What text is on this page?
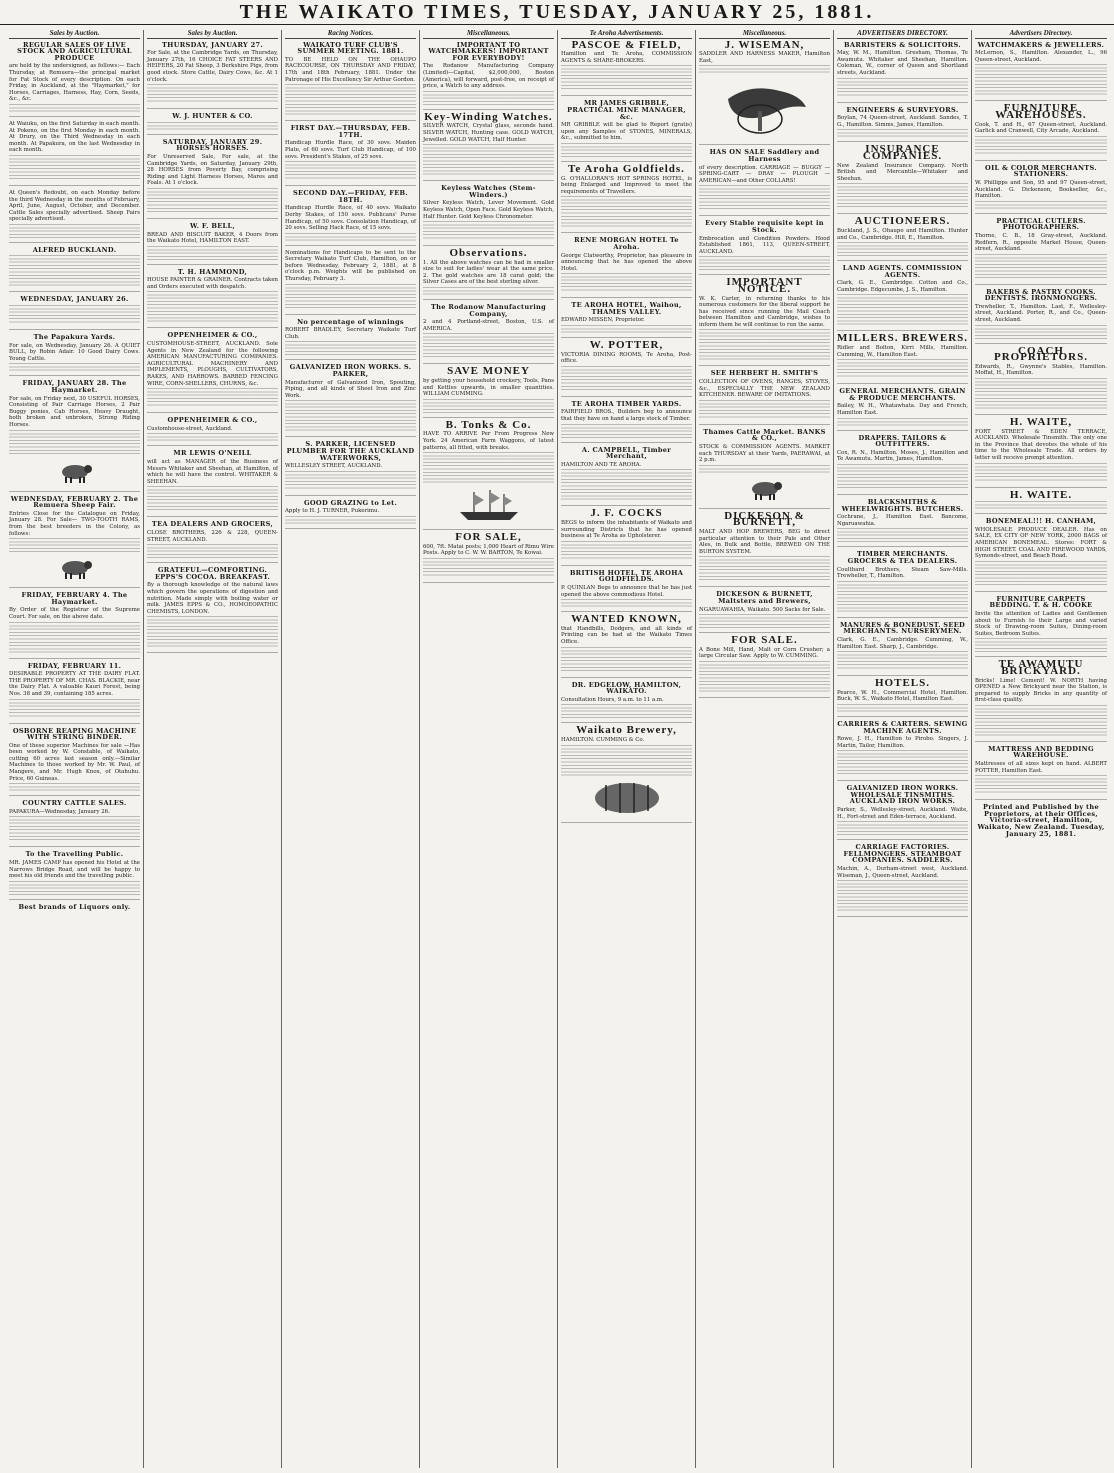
THE WAIKATO TIMES, TUESDAY, JANUARY 25, 1881.
Sales by Auction.
REGULAR SALES OF LIVE STOCK AND AGRICULTURAL PRODUCE

are held by the undersigned, as follows:— Each Thursday, at Remuera—the principal market for Fat Stock of every description. On each Friday, in Auckland, at the "Haymarket," for Horses, Carriages, Harness, Hay, Corn, Seeds, &c., &c.

At Waiuku, on the first Saturday in each month. At Pokeno, on the first Monday in each month. At Drury, on the Third Wednesday in each month. At Papakura, on the last Wednesday in each month.

At Queen's Redoubt, on each Monday before the third Wednesday in the months of February, April, June, August, October, and December. Cattle Sales specially advertised. Sheep Fairs specially advertised.

ALFRED BUCKLAND.
WEDNESDAY, JANUARY 26.
The Papakura Yards.

For sale, on Wednesday, January 26. A QUIET BULL, by Robin Adair. 10 Good Dairy Cows. Young Cattle.

FRIDAY, JANUARY 28. The Haymarket.

For sale, on Friday next, 30 USEFUL HORSES, Consisting of Pair Carriage Horses, 2 Pair Buggy ponies, Cab Horses, Heavy Draught, both broken and unbroken, Strong Riding Horses.

WEDNESDAY, FEBRUARY 2. The Remuera Sheep Fair.

Entries Close for the Catalogue on Friday, January 28. For Sale— TWO-TOOTH RAMS, from the best breeders in the Colony, as follows:

FRIDAY, FEBRUARY 4. The Haymarket.

By Order of the Registrar of the Supreme Court. For sale, on the above date.

FRIDAY, FEBRUARY 11.

DESIRABLE PROPERTY AT THE DAIRY FLAT. THE PROPERTY OF MR. CHAS. BLACKIE, near the Dairy Flat. A valuable Kauri Forest, being Nos. 38 and 39, containing 185 acres.

OSBORNE REAPING MACHINE WITH STRING BINDER.

One of these superior Machines for sale —Has been worked by W. Constable, of Waikato, cutting 60 acres last season only.—Similar Machines to those worked by Mr. W. Paul, of Mangere, and Mr. Hugh Knox, of Otahuhu. Price, 60 Guineas.

COUNTRY CATTLE SALES.

PAPAKURA—Wednesday, January 26.

To the Travelling Public.

MR. JAMES CAMP has opened his Hotel at the Narrows Bridge Road, and will be happy to meet his old friends and the travelling public.

Best brands of Liquors only.
Sales by Auction.
THURSDAY, JANUARY 27.

For Sale, at the Cambridge Yards, on Thursday, January 27th, 16 CHOICE FAT STEERS AND HEIFERS, 20 Fat Sheep, 3 Berkshire Pigs, from good stock. Store Cattle, Dairy Cows, &c. At 1 o'clock.

W. J. HUNTER & CO.
SATURDAY, JANUARY 29. HORSES HORSES.

For Unreserved Sale, For sale, at the Cambridge Yards, on Saturday, January 29th, 28 HORSES from Poverty Bay, comprising Riding and Light Harness Horses, Mares and Foals. At 1 o'clock.

W. F. BELL,

BREAD AND BISCUIT BAKER, 4 Doors from the Waikato Hotel, HAMILTON EAST.

T. H. HAMMOND,

HOUSE PAINTER & GRAINER. Contracts taken and Orders executed with despatch.

OPPENHEIMER & CO.,

CUSTOMHOUSE-STREET, AUCKLAND. Sole Agents in New Zealand for the following AMERICAN MANUFACTURING COMPANIES. AGRICULTURAL MACHINERY AND IMPLEMENTS, PLOUGHS, CULTIVATORS, RAKES, AND HARROWS. BARBED FENCING WIRE, CORN-SHELLERS, CHURNS, &c.

OPPENHEIMER & CO.,

Customhouse-street, Auckland.

MR LEWIS O'NEILL

will act as MANAGER of the Business of Messrs Whitaker and Sheehan, at Hamilton, of which he will have the control. WHITAKER & SHEEHAN.

TEA DEALERS AND GROCERS,

CLOSE BROTHERS, 226 & 228, QUEEN-STREET, AUCKLAND.

GRATEFUL—COMFORTING. EPPS'S COCOA. BREAKFAST.

By a thorough knowledge of the natural laws which govern the operations of digestion and nutrition. Made simply with boiling water or milk. JAMES EPPS & CO., HOMOEOPATHIC CHEMISTS, LONDON.

Racing Notices.
WAIKATO TURF CLUB'S SUMMER MEETING. 1881.

TO BE HELD ON THE OHAUPO RACECOURSE, ON THURSDAY AND FRIDAY, 17th and 18th February, 1881. Under the Patronage of His Excellency Sir Arthur Gordon.

FIRST DAY.—THURSDAY, FEB. 17TH.

Handicap Hurdle Race, of 30 sovs. Maiden Plate, of 60 sovs. Turf Club Handicap, of 100 sovs. President's Stakes, of 25 sovs.

SECOND DAY.—FRIDAY, FEB. 18TH.

Handicap Hurdle Race, of 40 sovs. Waikato Derby Stakes, of 150 sovs. Publicans' Purse Handicap, of 50 sovs. Consolation Handicap, of 20 sovs. Selling Hack Race, of 15 sovs.

Nominations for Handicaps to be sent to the Secretary Waikato Turf Club, Hamilton, on or before Wednesday, February 2, 1881, at 8 o'clock p.m. Weights will be published on Thursday, February 3.

No percentage of winnings

ROBERT BRADLEY, Secretary Waikato Turf Club.

GALVANIZED IRON WORKS. S. PARKER,

Manufacturer of Galvanized Iron, Spouting, Piping, and all kinds of Sheet Iron and Zinc Work.

S. PARKER, LICENSED PLUMBER FOR THE AUCKLAND WATERWORKS,

WELLESLEY STREET, AUCKLAND.

GOOD GRAZING to Let.

Apply to H. J. TURNER, Pukerimu.

Miscellaneous.
IMPORTANT TO WATCHMAKERS! IMPORTANT FOR EVERYBODY!

The Rodanow Manufacturing Company (Limited)—Capital, $2,000,000, Boston (America), will forward, post-free, on receipt of price, a Watch to any address.

Key-Winding Watches.

SILVER WATCH, Crystal glass, seconds hand. SILVER WATCH, Hunting case. GOLD WATCH, Jewelled. GOLD WATCH, Half Hunter.

Keyless Watches (Stem-Winders.)

Silver Keyless Watch, Lever Movement. Gold Keyless Watch, Open Face. Gold Keyless Watch, Half Hunter. Gold Keyless Chronometer.

Observations.

1. All the above watches can be had in smaller size to suit for ladies' wear at the same price. 2. The gold watches are 18 carat gold; the Silver Cases are of the best sterling silver.

The Rodanow Manufacturing Company,

2 and 4 Portland-street, Boston, U.S. of AMERICA.

SAVE MONEY

by getting your household crockery, Tools, Pans and Kettles upwards, in smaller quantities. WILLIAM CUMMING.

B. Tonks & Co.

HAVE TO ARRIVE Per From Progress New York. 24 American Farm Waggons, of latest patterns, all fitted, with breaks.

FOR SALE,

600, 7ft. Matai posts; 1,000 Heart of Rimu Wire Posts. Apply to C. W. W. BARTON, Te Kowai.

Te Aroha Advertisements.
PASCOE & FIELD,

Hamilton and Te Aroha, COMMISSION AGENTS & SHARE-BROKERS.

MR JAMES GRIBBLE, PRACTICAL MINE MANAGER, &c.

MR GRIBBLE will be glad to Report (gratis) upon any Samples of STONES, MINERALS, &c., submitted to him.

Te Aroha Goldfields.

G. O'HALLORAN'S HOT SPRINGS HOTEL, is being Enlarged and Improved to meet the requirements of Travellers.

RENE MORGAN HOTEL Te Aroha.

George Clatworthy, Proprietor, has pleasure in announcing that he has opened the above Hotel.

TE AROHA HOTEL, Waihou, THAMES VALLEY.

EDWARD MISSEN, Proprietor.

W. POTTER,

VICTORIA DINING ROOMS, Te Aroha, Post-office.

TE AROHA TIMBER YARDS.

FAIRFIELD BROS., Builders beg to announce that they have on hand a large stock of Timber.

A. CAMPBELL, Timber Merchant,

HAMILTON AND TE AROHA.

J. F. COCKS

BEGS to inform the inhabitants of Waikato and surrounding Districts that he has opened business at Te Aroha as Upholsterer.

BRITISH HOTEL, TE AROHA GOLDFIELDS.

P. QUINLAN Begs to announce that he has just opened the above commodious Hotel.

WANTED KNOWN,

that Handbills, Dodgers, and all kinds of Printing can be had at the Waikato Times Office.

DR. EDGELOW, HAMILTON, WAIKATO.

Consultation Hours, 9 a.m. to 11 a.m.

Waikato Brewery,

HAMILTON. CUMMING & Co.

Miscellaneous.
J. WISEMAN,

SADDLER AND HARNESS MAKER, Hamilton East,

HAS ON SALE Saddlery and Harness

of every description. CARRIAGE — BUGGY — SPRING-CART — DRAY — PLOUGH — AMERICAN—and Other COLLARS!

Every Stable requisite kept in Stock.

Embrocation and Condition Powders. Hood Established 1861, 113, QUEEN-STREET, AUCKLAND.

IMPORTANT NOTICE.

W. K. Carter, in returning thanks to his numerous customers for the liberal support he has received since running the Mail Coach between Hamilton and Cambridge, wishes to inform them he will continue to run the same.

SEE HERBERT H. SMITH'S

COLLECTION OF OVENS, RANGES, STOVES, &c., ESPECIALLY THE NEW ZEALAND KITCHENER. BEWARE OF IMITATIONS.

Thames Cattle Market. BANKS & CO.,

STOCK & COMMISSION AGENTS. MARKET each THURSDAY at their Yards, PAERAWAI, at 2 p.m.

DICKESON & BURNETT,

MALT AND HOP BREWERS, BEG to direct particular attention to their Pale and Other Ales, in Bulk and Bottle, BREWED ON THE BURTON SYSTEM.

DICKESON & BURNETT, Maltsters and Brewers,

NGARUAWAHIA, Waikato. 500 Sacks for Sale.

FOR SALE.

A Bone Mill, Hand, Malt or Corn Crusher; a large Circular Saw. Apply to W. CUMMING.

ADVERTISERS DIRECTORY.
BARRISTERS & SOLICITORS.

May, W. M., Hamilton. Gresham, Thomas, Te Awamutu. Whitaker and Sheehan, Hamilton. Coleman, W., corner of Queen and Shortland streets, Auckland.

ENGINEERS & SURVEYORS.

Boylan, 74 Queen-street, Auckland. Sandes, T. G., Hamilton. Simms, James, Hamilton.

INSURANCE COMPANIES.

New Zealand Insurance Company. North British and Mercantile—Whitaker and Sheehan.

AUCTIONEERS.

Buckland, J. S., Ohaupo and Hamilton. Hunter and Co., Cambridge. Hill, E., Hamilton.

LAND AGENTS. COMMISSION AGENTS.

Clark, G. E., Cambridge. Cotton and Co., Cambridge. Edgecumbe, J. S., Hamilton.

MILLERS. BREWERS.

Ridler and Bolton, Kirri Mills, Hamilton. Cumming, W., Hamilton East.

GENERAL MERCHANTS. GRAIN & PRODUCE MERCHANTS.

Bailey, W. H., Whatawhata. Day and French, Hamilton East.

DRAPERS. TAILORS & OUTFITTERS.

Cox, R. N., Hamilton. Moses, J., Hamilton and Te Awamutu. Martin, James, Hamilton.

BLACKSMITHS & WHEELWRIGHTS. BUTCHERS.

Cochrane, J., Hamilton East. Bancome, Ngaruawahia.

TIMBER MERCHANTS. GROCERS & TEA DEALERS.

Coulthard Brothers, Steam Saw-Mills. Trewheller, T., Hamilton.

MANURES & BONEDUST. SEED MERCHANTS. NURSERYMEN.

Clark, G. E., Cambridge. Cumming, W., Hamilton East. Sharp, J., Cambridge.

HOTELS.

Pearce, W. H., Commercial Hotel, Hamilton. Buck, W. S., Waikato Hotel, Hamilton East.

CARRIERS & CARTERS. SEWING MACHINE AGENTS.

Rowe, J. H., Hamilton to Pirobo. Singers, J. Martin, Tailor, Hamilton.

GALVANIZED IRON WORKS. WHOLESALE TINSMITHS. AUCKLAND IRON WORKS.

Parker, S., Wellesley-street, Auckland. Waite, H., Fort-street and Eden-terrace, Auckland.

CARRIAGE FACTORIES. FELLMONGERS. STEAMBOAT COMPANIES. SADDLERS.

Machin, A., Durham-street west, Auckland. Wiseman, J., Queen-street, Auckland.

Advertisers Directory.
WATCHMAKERS & JEWELLERS.

McLernon, S., Hamilton. Alexander, L., 96 Queen-street, Auckland.

FURNITURE WAREHOUSES.

Cook, T. and H., 67 Queen-street, Auckland. Garlick and Cranwell, City Arcade, Auckland.

OIL & COLOR MERCHANTS. STATIONERS.

W. Phillipps and Son, 95 and 97 Queen-street, Auckland. G. Dickenson, Bookseller, &c., Hamilton.

PRACTICAL CUTLERS. PHOTOGRAPHERS.

Thorne, C. B., 18 Gray-street, Auckland. Redfern, R., opposite Market House, Queen-street, Auckland.

BAKERS & PASTRY COOKS. DENTISTS. IRONMONGERS.

Trewheller, T., Hamilton. Last, F., Wellesley-street, Auckland. Porter, R., and Co., Queen-street, Auckland.

COACH PROPRIETORS.

Edwards, R., Gwynne's Stables, Hamilton. Moffat, H., Hamilton.

H. WAITE,

FORT STREET & EDEN TERRACE, AUCKLAND. Wholesale Tinsmith. The only one in the Province that devotes the whole of his time to the Wholesale Trade. All orders by letter will receive prompt attention.

H. WAITE.
BONEMEAL!!! H. CANHAM,

WHOLESALE PRODUCE DEALER. Has on SALE, EX CITY OF NEW YORK, 2000 BAGS of AMERICAN BONEMEAL. Stores: FORT & HIGH STREET. COAL AND FIREWOOD YARDS, Symonds-street, and Beach Road.

FURNITURE CARPETS BEDDING. T. & H. COOKE

Invite the attention of Ladies and Gentlemen about to Furnish to their Large and varied Stock of Drawing-room Suites, Dining-room Suites, Bedroom Suites.

TE AWAMUTU BRICKYARD.

Bricks! Lime! Cement! W. NORTH having OPENED a New Brickyard near the Station, is prepared to supply Bricks in any quantity of first-class quality.

MATTRESS AND BEDDING WAREHOUSE.

Mattresses of all sizes kept on hand. ALBERT POTTER, Hamilton East.

Printed and Published by the Proprietors, at their Offices, Victoria-street, Hamilton, Waikato, New Zealand. Tuesday, January 25, 1881.
